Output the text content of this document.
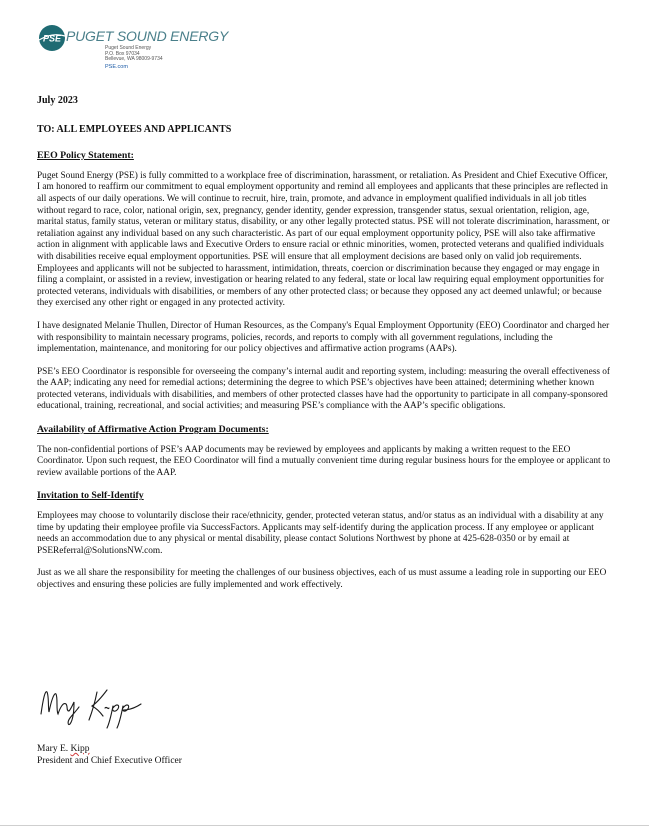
PSE PUGET SOUND ENERGY
Puget Sound Energy
P.O. Box 97034
Bellevue, WA 98009-9734
PSE.com
July 2023
TO: ALL EMPLOYEES AND APPLICANTS
EEO Policy Statement:

Puget Sound Energy (PSE) is fully committed to a workplace free of discrimination, harassment, or retaliation. As President and Chief Executive Officer, I am honored to reaffirm our commitment to equal employment opportunity and remind all employees and applicants that these principles are reflected in all aspects of our daily operations. We will continue to recruit, hire, train, promote, and advance in employment qualified individuals in all job titles without regard to race, color, national origin, sex, pregnancy, gender identity, gender expression, transgender status, sexual orientation, religion, age, marital status, family status, veteran or military status, disability, or any other legally protected status. PSE will not tolerate discrimination, harassment, or retaliation against any individual based on any such characteristic. As part of our equal employment opportunity policy, PSE will also take affirmative action in alignment with applicable laws and Executive Orders to ensure racial or ethnic minorities, women, protected veterans and qualified individuals with disabilities receive equal employment opportunities. PSE will ensure that all employment decisions are based only on valid job requirements. Employees and applicants will not be subjected to harassment, intimidation, threats, coercion or discrimination because they engaged or may engage in filing a complaint, or assisted in a review, investigation or hearing related to any federal, state or local law requiring equal employment opportunities for protected veterans, individuals with disabilities, or members of any other protected class; or because they opposed any act deemed unlawful; or because they exercised any other right or engaged in any protected activity.

I have designated Melanie Thullen, Director of Human Resources, as the Company's Equal Employment Opportunity (EEO) Coordinator and charged her with responsibility to maintain necessary programs, policies, records, and reports to comply with all government regulations, including the implementation, maintenance, and monitoring for our policy objectives and affirmative action programs (AAPs).

PSE’s EEO Coordinator is responsible for overseeing the company’s internal audit and reporting system, including: measuring the overall effectiveness of the AAP; indicating any need for remedial actions; determining the degree to which PSE’s objectives have been attained; determining whether known protected veterans, individuals with disabilities, and members of other protected classes have had the opportunity to participate in all company-sponsored educational, training, recreational, and social activities; and measuring PSE’s compliance with the AAP’s specific obligations.

Availability of Affirmative Action Program Documents:

The non-confidential portions of PSE’s AAP documents may be reviewed by employees and applicants by making a written request to the EEO Coordinator. Upon such request, the EEO Coordinator will find a mutually convenient time during regular business hours for the employee or applicant to review available portions of the AAP.

Invitation to Self-Identify

Employees may choose to voluntarily disclose their race/ethnicity, gender, protected veteran status, and/or status as an individual with a disability at any time by updating their employee profile via SuccessFactors. Applicants may self-identify during the application process. If any employee or applicant needs an accommodation due to any physical or mental disability, please contact Solutions Northwest by phone at 425-628-0350 or by email at PSEReferral@SolutionsNW.com.

Just as we all share the responsibility for meeting the challenges of our business objectives, each of us must assume a leading role in supporting our EEO objectives and ensuring these policies are fully implemented and work effectively.

Mary E. Kipp
President and Chief Executive Officer
